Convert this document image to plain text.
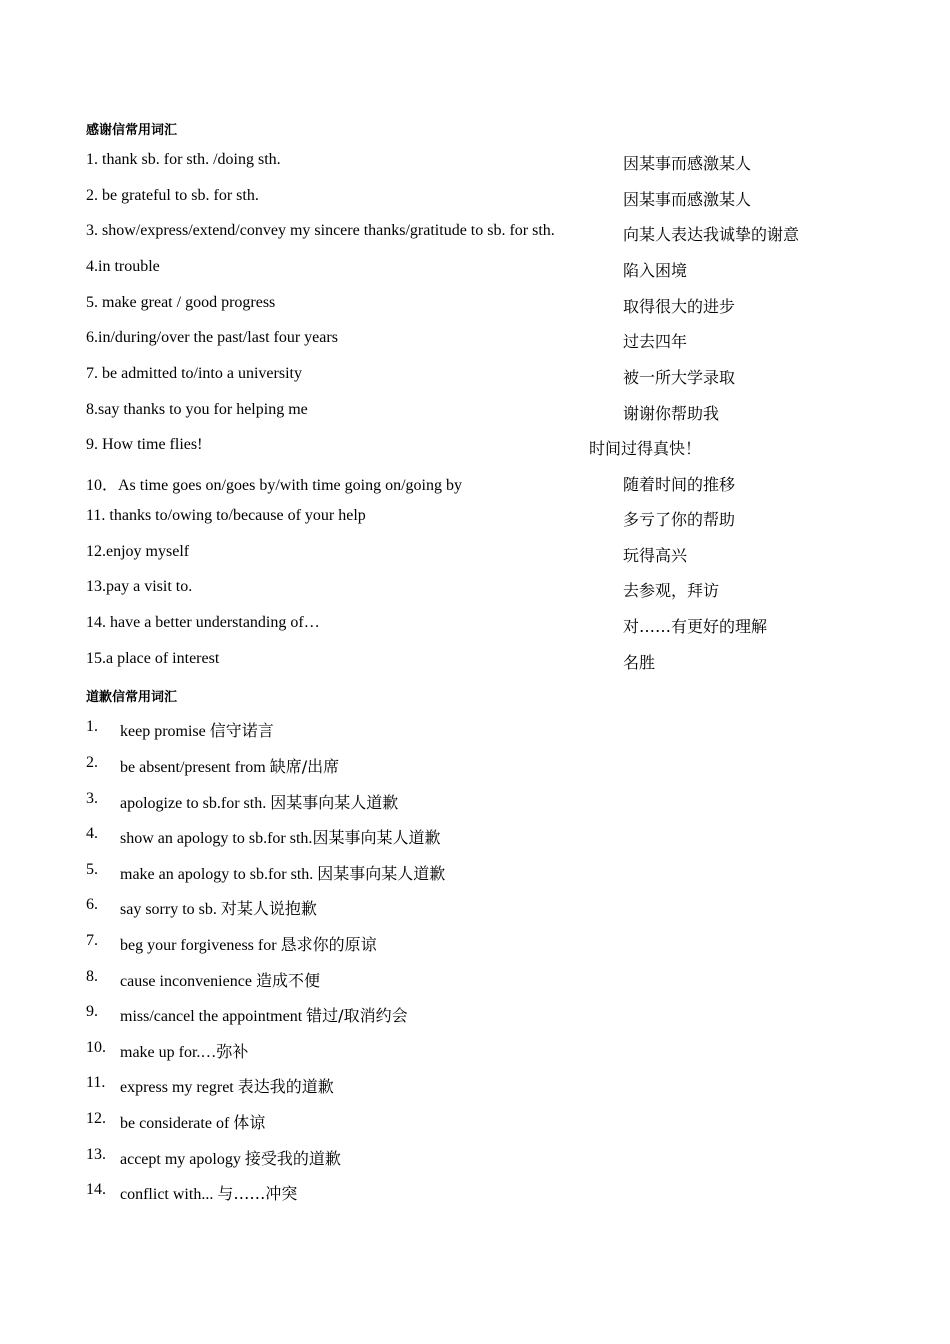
感谢信常用词汇
1. thank sb. for sth. /doing sth.	因某事而感激某人
2. be grateful to sb. for sth.	因某事而感激某人
3. show/express/extend/convey my sincere thanks/gratitude to sb. for sth.	向某人表达我诚挚的谢意
4.in trouble	陷入困境
5. make great / good progress	取得很大的进步
6.in/during/over the past/last four years	过去四年
7. be admitted to/into a university	被一所大学录取
8.say thanks to you for helping me	谢谢你帮助我
9. How time flies!	时间过得真快！
10．As time goes on/goes by/with time going on/going by	随着时间的推移
11. thanks to/owing to/because of your help	多亏了你的帮助
12.enjoy myself	玩得高兴
13.pay a visit to.	去参观，拜访
14. have a better understanding of…	对……有更好的理解
15.a place of interest	名胜
道歉信常用词汇
1. keep promise 信守诺言
2. be absent/present from 缺席/出席
3. apologize to sb.for sth. 因某事向某人道歉
4. show an apology to sb.for sth.因某事向某人道歉
5. make an apology to sb.for sth. 因某事向某人道歉
6. say sorry to sb. 对某人说抱歉
7. beg your forgiveness for 恳求你的原谅
8. cause inconvenience 造成不便
9. miss/cancel the appointment 错过/取消约会
10. make up for.…弥补
11. express my regret 表达我的道歉
12. be considerate of 体谅
13. accept my apology 接受我的道歉
14. conflict with... 与……冲突
